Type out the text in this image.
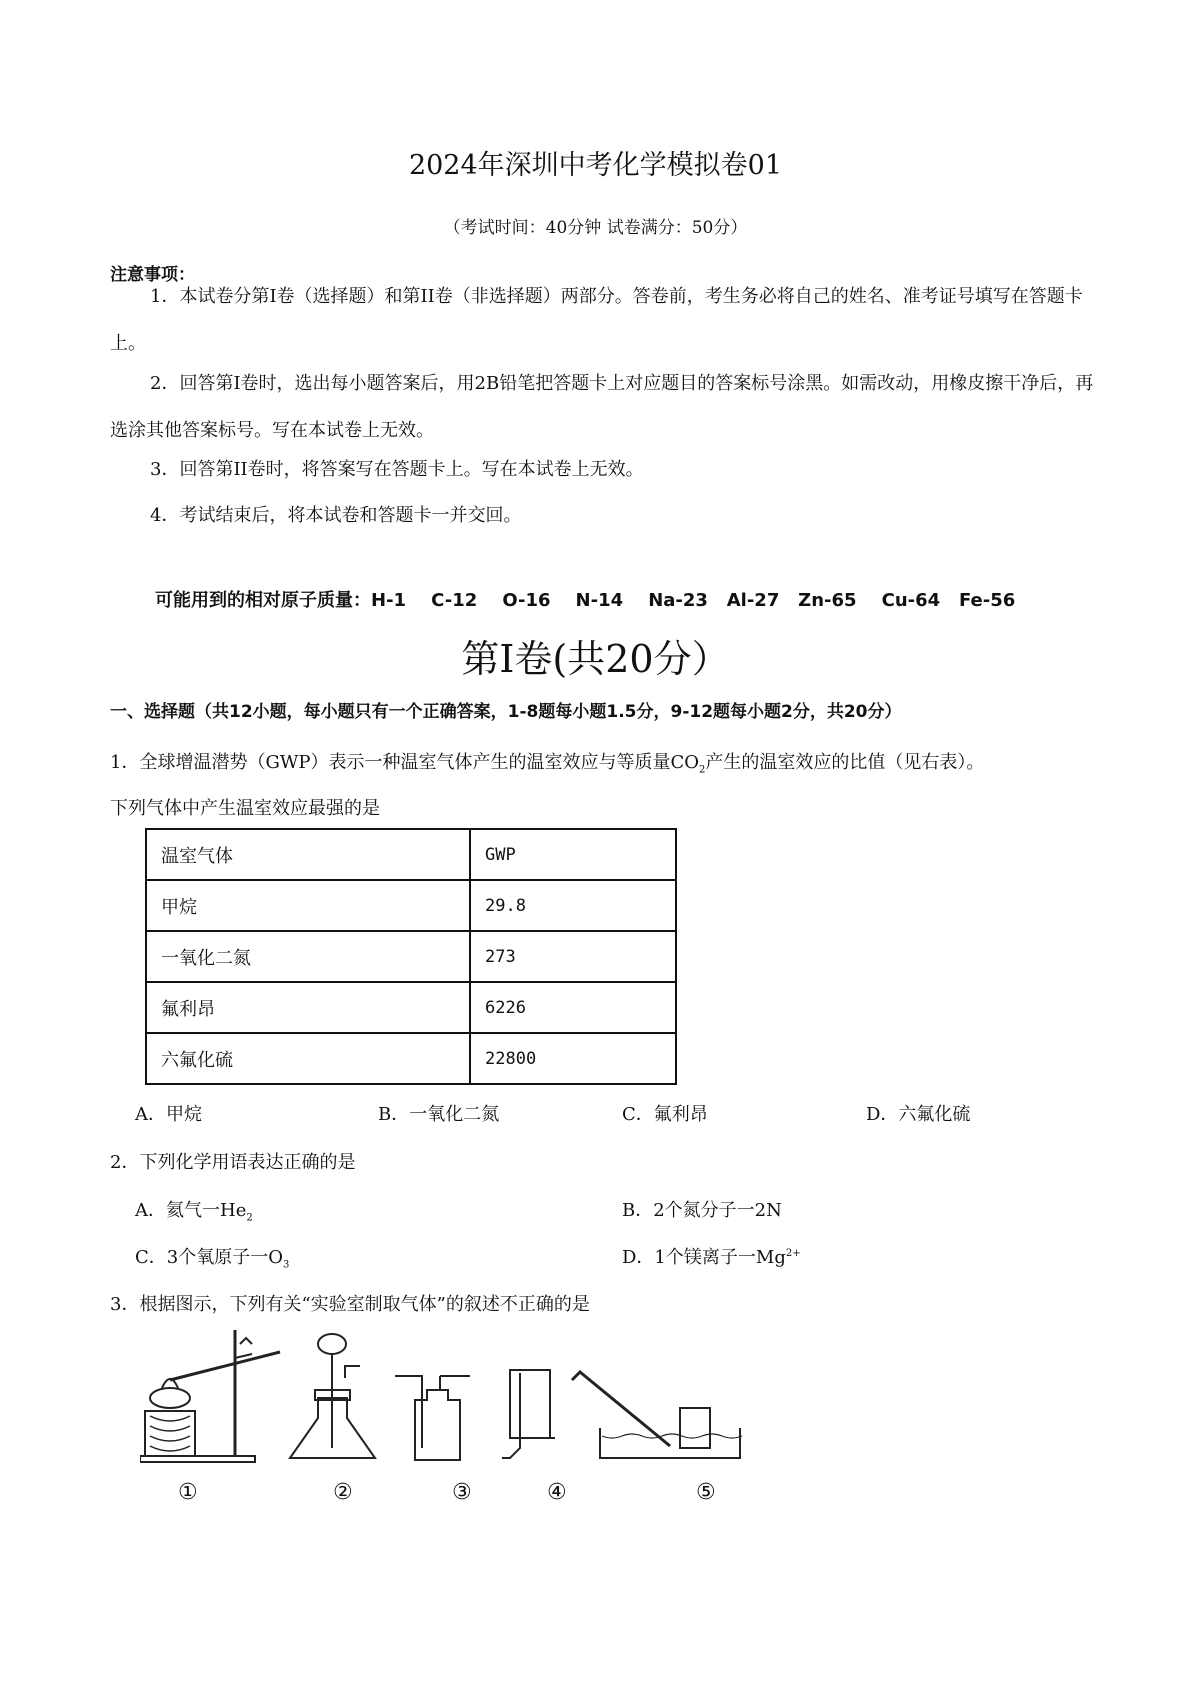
2024年深圳中考化学模拟卷01
（考试时间：40分钟 试卷满分：50分）
注意事项：
1．本试卷分第I卷（选择题）和第II卷（非选择题）两部分。答卷前，考生务必将自己的姓名、准考证号填写在答题卡上。
2．回答第I卷时，选出每小题答案后，用2B铅笔把答题卡上对应题目的答案标号涂黑。如需改动，用橡皮擦干净后，再选涂其他答案标号。写在本试卷上无效。
3．回答第II卷时，将答案写在答题卡上。写在本试卷上无效。
4．考试结束后，将本试卷和答题卡一并交回。
可能用到的相对原子质量：H-1    C-12    O-16    N-14    Na-23   Al-27   Zn-65    Cu-64   Fe-56
第I卷(共20分）
一、选择题（共12小题，每小题只有一个正确答案，1-8题每小题1.5分，9-12题每小题2分，共20分）
1．全球增温潜势（GWP）表示一种温室气体产生的温室效应与等质量$CO_2$产生的温室效应的比值（见右表）。
下列气体中产生温室效应最强的是
温室气体	GWP
甲烷	29.8
一氧化二氮	273
氟利昂	6226
六氟化硫	22800
A．甲烷	B．一氧化二氮	C．氟利昂	D．六氟化硫
2．下列化学用语表达正确的是
A．氦气一$He_2$	B．2个氮分子一2N
C．3个氧原子一$O_3$	D．1个镁离子一$Mg^{2+}$
3．根据图示，下列有关“实验室制取气体”的叙述不正确的是
①	②	③	④	⑤
